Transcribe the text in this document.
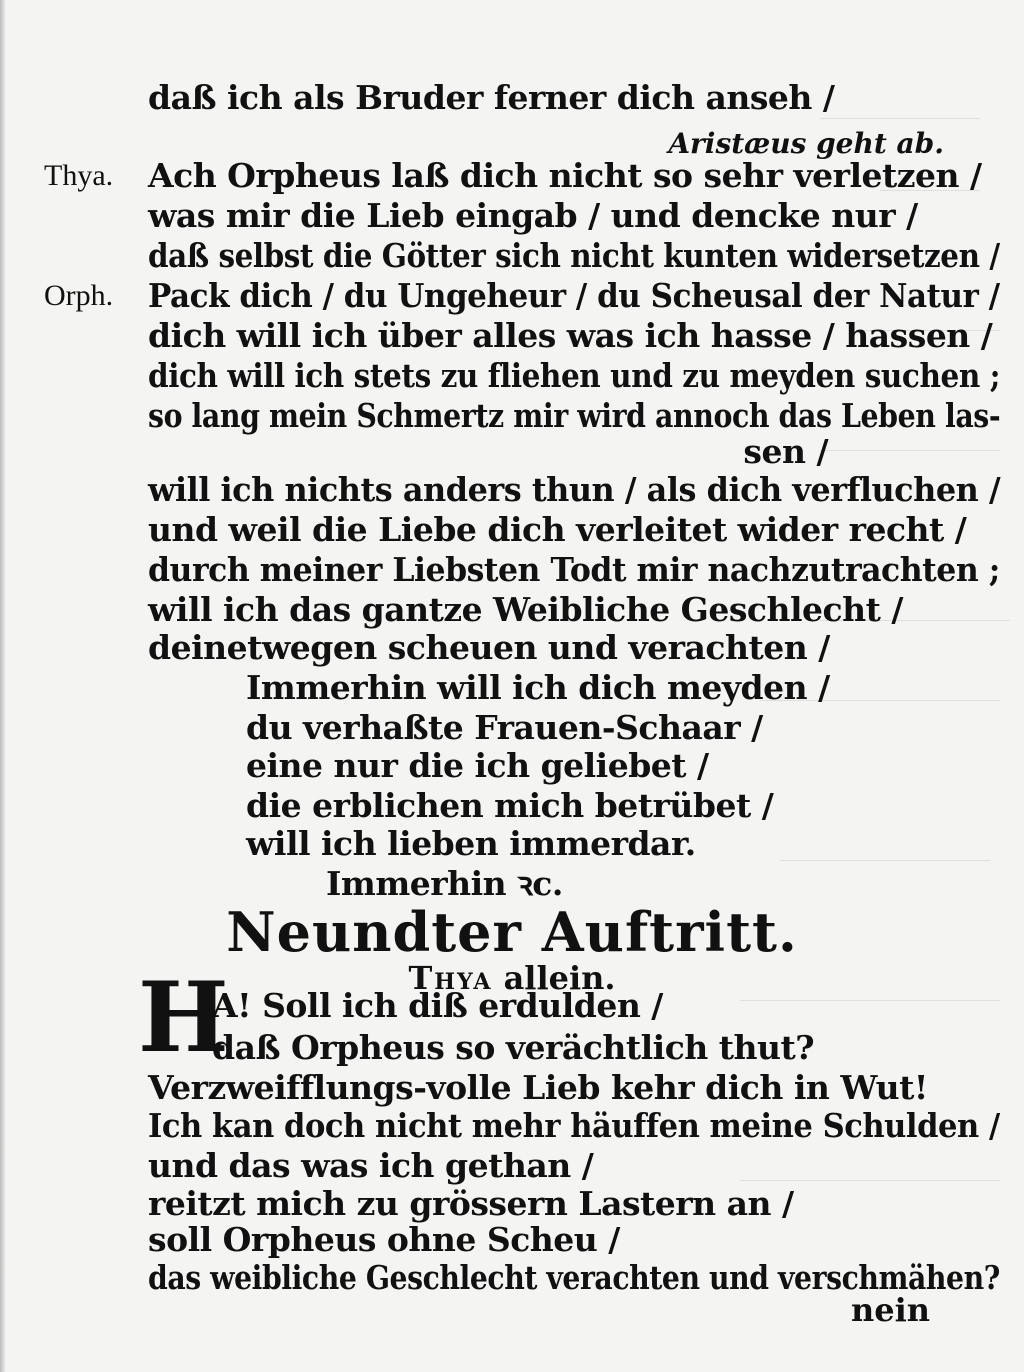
daß ich als Bruder ferner dich anseh /
Aristæus geht ab.
Thya. Ach Orpheus laß dich nicht so sehr verletzen /
was mir die Lieb eingab / und dencke nur /
daß selbst die Götter sich nicht kunten widersetzen /
Orph. Pack dich / du Ungeheur / du Scheusal der Natur /
dich will ich über alles was ich hasse / hassen /
dich will ich stets zu fliehen und zu meyden suchen ;
so lang mein Schmertz mir wird annoch das Leben las-
sen /
will ich nichts anders thun / als dich verfluchen /
und weil die Liebe dich verleitet wider recht /
durch meiner Liebsten Todt mir nachzutrachten ;
will ich das gantze Weibliche Geschlecht /
deinetwegen scheuen und verachten /
Immerhin will ich dich meyden /
du verhaßte Frauen-Schaar /
eine nur die ich geliebet /
die erblichen mich betrübet /
will ich lieben immerdar.
Immerhin ꝛc.
Neundter Auftritt.
Thya allein.
H
A! Soll ich diß erdulden /
daß Orpheus so verächtlich thut?
Verzweifflungs-volle Lieb kehr dich in Wut!
Ich kan doch nicht mehr häuffen meine Schulden /
und das was ich gethan /
reitzt mich zu grössern Lastern an /
soll Orpheus ohne Scheu /
das weibliche Geschlecht verachten und verschmähen?
nein
